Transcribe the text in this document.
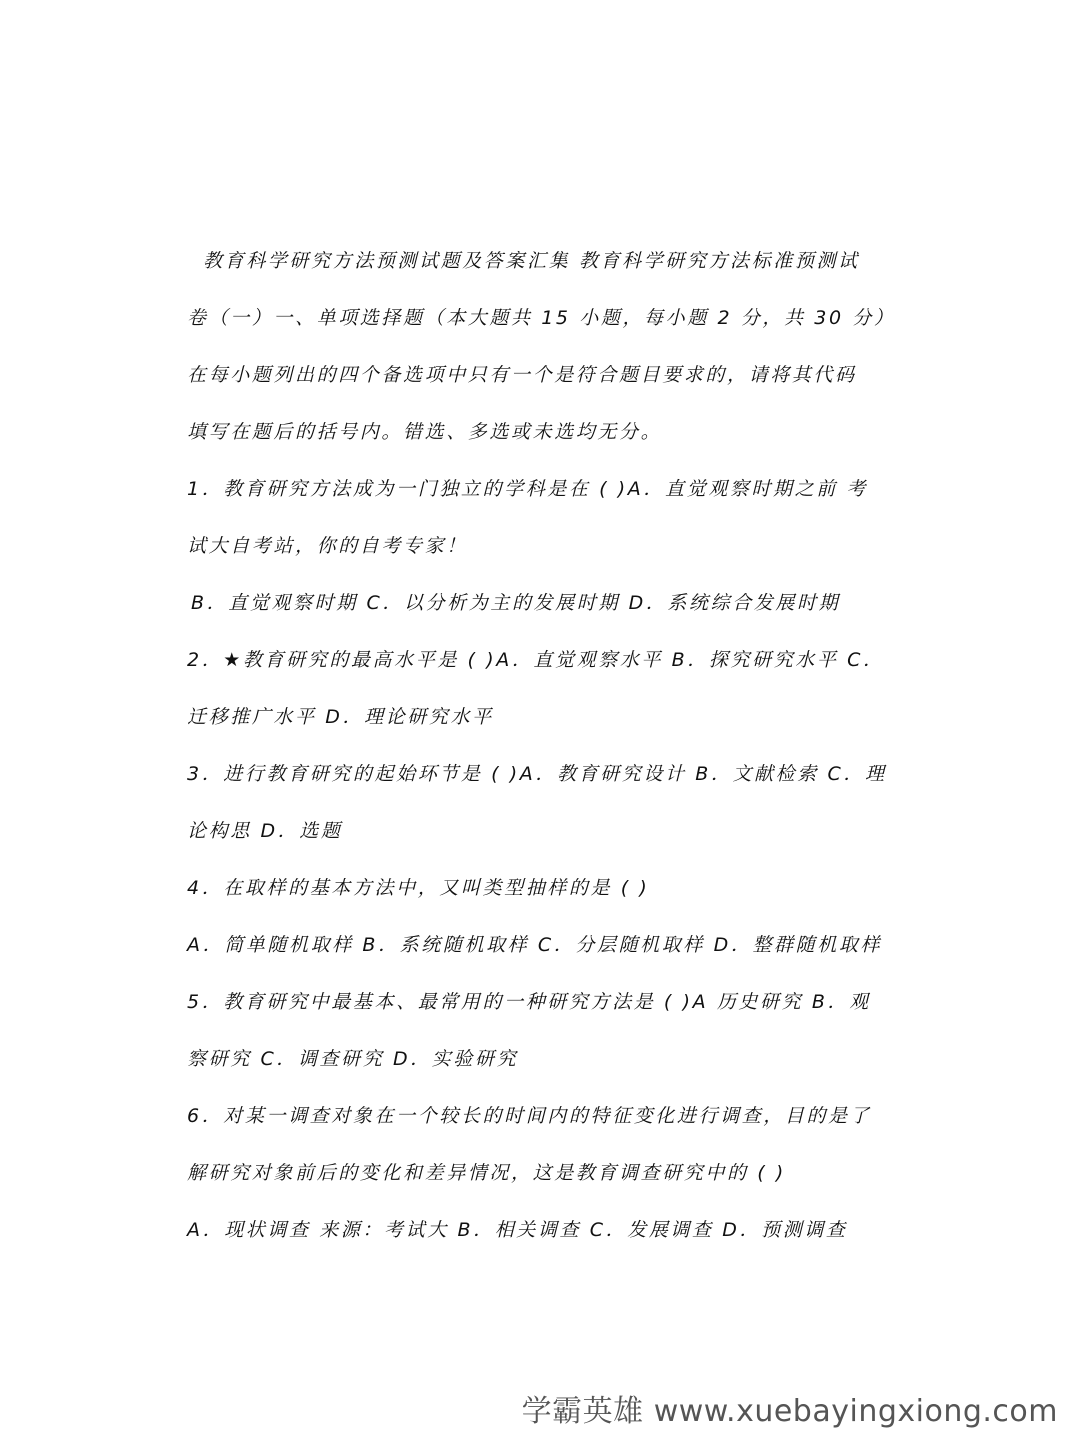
教育科学研究方法预测试题及答案汇集 教育科学研究方法标准预测试
卷（一）一、单项选择题（本大题共 15 小题，每小题 2 分，共 30 分）
在每小题列出的四个备选项中只有一个是符合题目要求的，请将其代码
填写在题后的括号内。错选、多选或未选均无分。
1．教育研究方法成为一门独立的学科是在 ( )A．直觉观察时期之前 考
试大自考站，你的自考专家！
B．直觉观察时期 C．以分析为主的发展时期 D．系统综合发展时期
2．★教育研究的最高水平是 ( )A．直觉观察水平 B．探究研究水平 C．
迁移推广水平 D．理论研究水平
3．进行教育研究的起始环节是 ( )A．教育研究设计 B．文献检索 C．理
论构思 D．选题
4．在取样的基本方法中，又叫类型抽样的是 ( )
A．简单随机取样 B．系统随机取样 C．分层随机取样 D．整群随机取样
5．教育研究中最基本、最常用的一种研究方法是 ( )A 历史研究 B．观
察研究 C．调查研究 D．实验研究
6．对某一调查对象在一个较长的时间内的特征变化进行调查，目的是了
解研究对象前后的变化和差异情况，这是教育调查研究中的 ( )
A．现状调查 来源：考试大 B．相关调查 C．发展调查 D．预测调查
学霸英雄 www.xuebayingxiong.com
